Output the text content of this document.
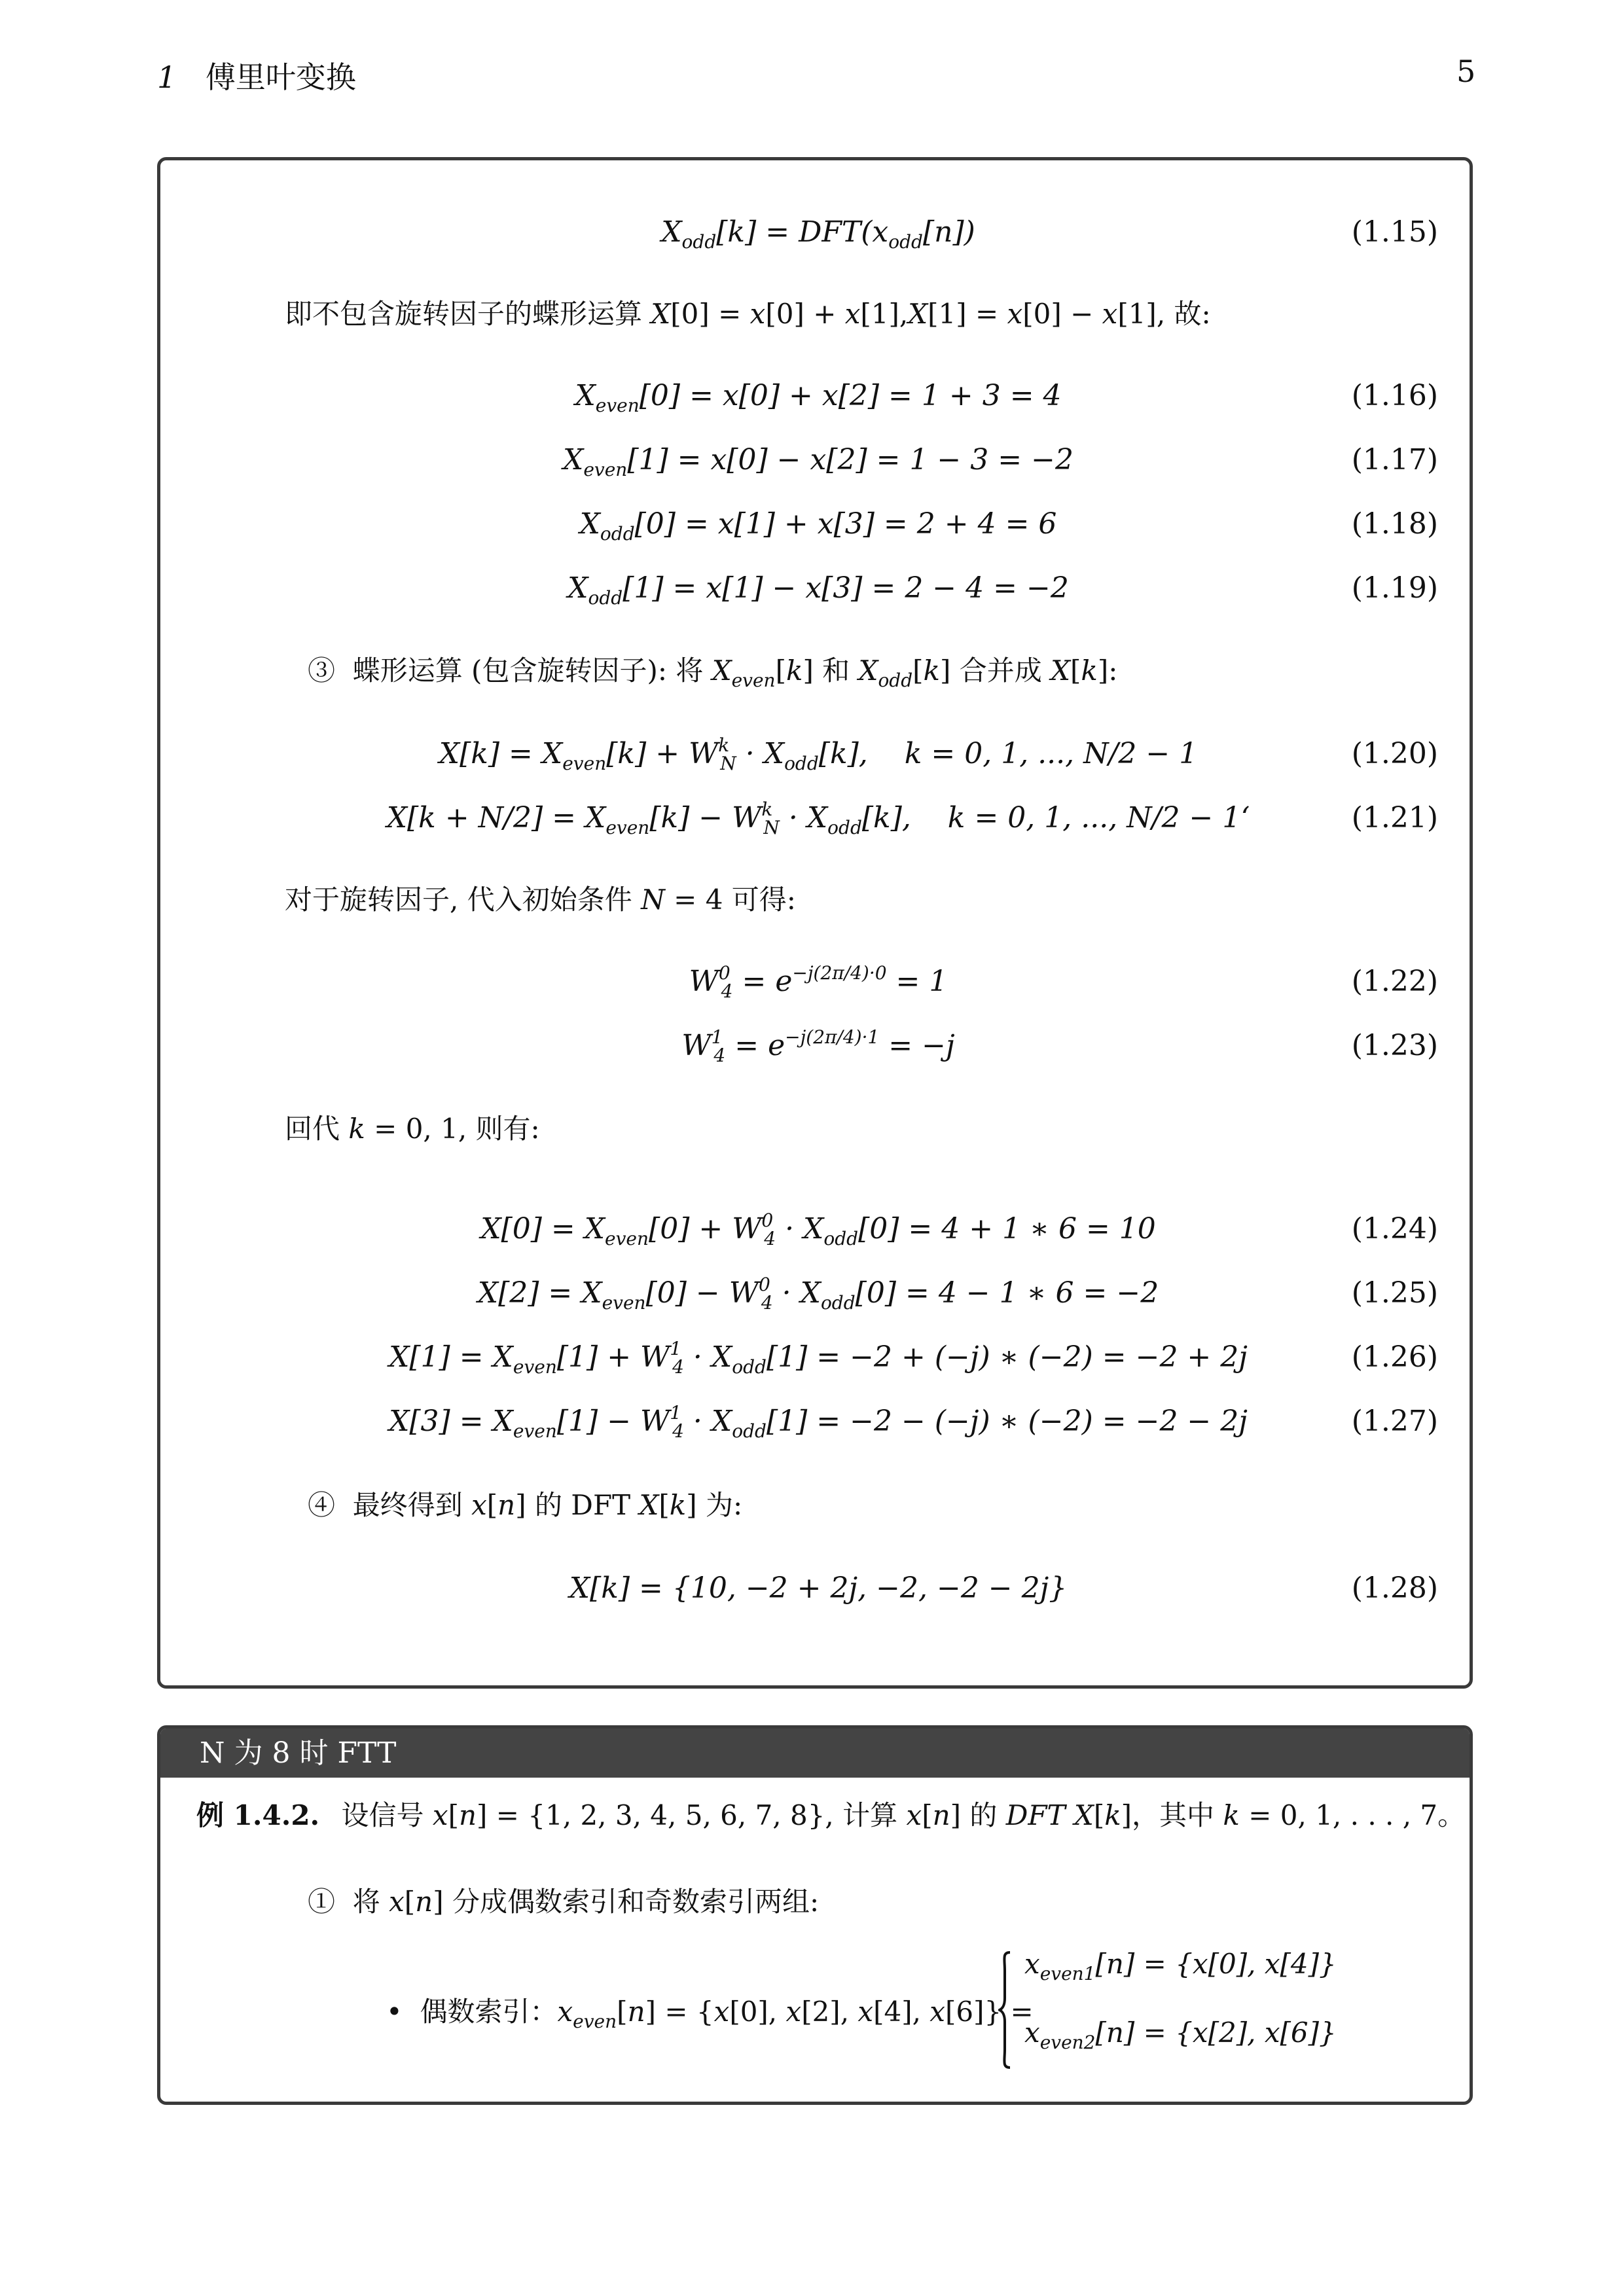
1 傅里叶变换	5
$X_{odd}[k] = DFT(x_{odd}[n])$	(1.15)
即不包含旋转因子的蝶形运算 X[0] = x[0] + x[1],X[1] = x[0] − x[1], 故:
$X_{even}[0] = x[0] + x[2] = 1 + 3 = 4$	(1.16)
$X_{even}[1] = x[0] - x[2] = 1 - 3 = -2$	(1.17)
$X_{odd}[0] = x[1] + x[3] = 2 + 4 = 6$	(1.18)
$X_{odd}[1] = x[1] - x[3] = 2 - 4 = -2$	(1.19)
③  蝶形运算 (包含旋转因子): 将 $X_{even}[k]$ 和 $X_{odd}[k]$ 合并成 X[k]:
$X[k] = X_{even}[k] + W^k_N \cdot X_{odd}[k]$,    k = 0, 1, ..., N/2 − 1	(1.20)
$X[k + N/2] = X_{even}[k] - W^k_N \cdot X_{odd}[k]$,    k = 0, 1, ..., N/2 − 1‘	(1.21)
对于旋转因子, 代入初始条件 N = 4 可得:
$W^0_4 = e^{-j(2\pi/4)\cdot 0} = 1$	(1.22)
$W^1_4 = e^{-j(2\pi/4)\cdot 1} = -j$	(1.23)
回代 k = 0, 1, 则有:
$X[0] = X_{even}[0] + W^0_4 \cdot X_{odd}[0] = 4 + 1$ ∗ 6 = 10	(1.24)
$X[2] = X_{even}[0] - W^0_4 \cdot X_{odd}[0] = 4 - 1$ ∗ 6 = −2	(1.25)
$X[1] = X_{even}[1] + W^1_4 \cdot X_{odd}[1] = -2 + (-j)$ ∗ (−2) = −2 + 2j	(1.26)
$X[3] = X_{even}[1] - W^1_4 \cdot X_{odd}[1] = -2 - (-j)$ ∗ (−2) = −2 − 2j	(1.27)
④  最终得到 x[n] 的 DFT X[k] 为:
X[k] = {10, −2 + 2j, −2, −2 − 2j}	(1.28)
N 为 8 时 FTT
例 1.4.2. 设信号 x[n] = {1, 2, 3, 4, 5, 6, 7, 8}, 计算 x[n] 的 DFT X[k]，其中 k = 0, 1, . . . , 7。
①  将 x[n] 分成偶数索引和奇数索引两组:
•  偶数索引：$x_{even}[n] = \{x[0]$, x[2], x[4], x[6]} =
$x_{even1}[n] = \{x[0]$, x[4]}
$x_{even2}[n] = \{x[2]$, x[6]}
